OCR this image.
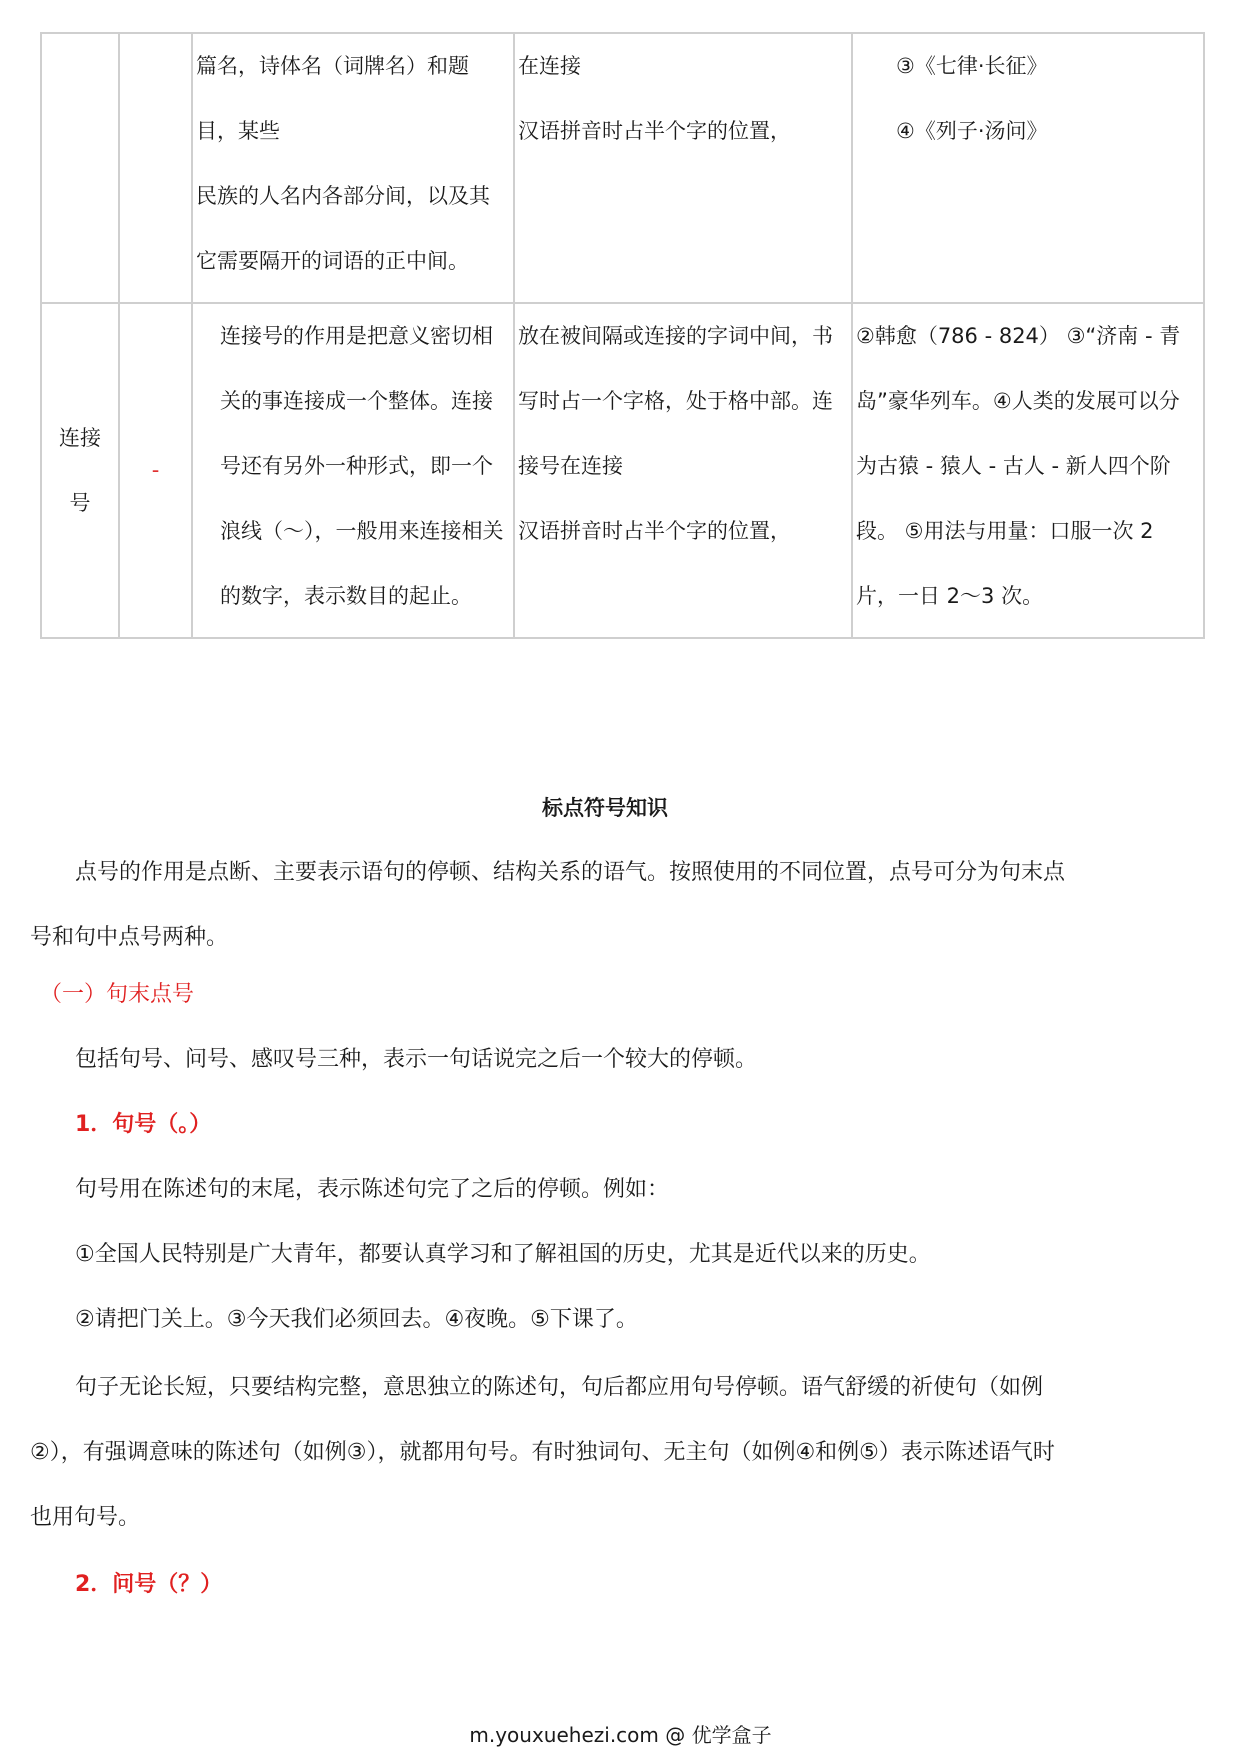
		篇名，诗体名（词牌名）和题目，某些
民族的人名内各部分间，以及其它需要隔开的词语的正中间。	在连接
汉语拼音时占半个字的位置，	③《七律·长征》
④《列子·汤问》

连接号	-	连接号的作用是把意义密切相关的事连接成一个整体。连接号还有另外一种形式，即一个浪线（～），一般用来连接相关的数字，表示数目的起止。	放在被间隔或连接的字词中间，书写时占一个字格，处于格中部。连接号在连接
汉语拼音时占半个字的位置，	②韩愈（786 - 824） ③“济南 - 青岛”豪华列车。④人类的发展可以分为古猿 - 猿人 - 古人 - 新人四个阶段。 ⑤用法与用量：口服一次 2 片，一日 2～3 次。
标点符号知识

点号的作用是点断、主要表示语句的停顿、结构关系的语气。按照使用的不同位置，点号可分为句末点号和句中点号两种。

（一）句末点号

包括句号、问号、感叹号三种，表示一句话说完之后一个较大的停顿。

1．句号（。）

句号用在陈述句的末尾，表示陈述句完了之后的停顿。例如：

①全国人民特别是广大青年，都要认真学习和了解祖国的历史，尤其是近代以来的历史。

②请把门关上。③今天我们必须回去。④夜晚。⑤下课了。

句子无论长短，只要结构完整，意思独立的陈述句，句后都应用句号停顿。语气舒缓的祈使句（如例②），有强调意味的陈述句（如例③），就都用句号。有时独词句、无主句（如例④和例⑤）表示陈述语气时也用句号。

2．问号（？）

m.youxuehezi.com @ 优学盒子
